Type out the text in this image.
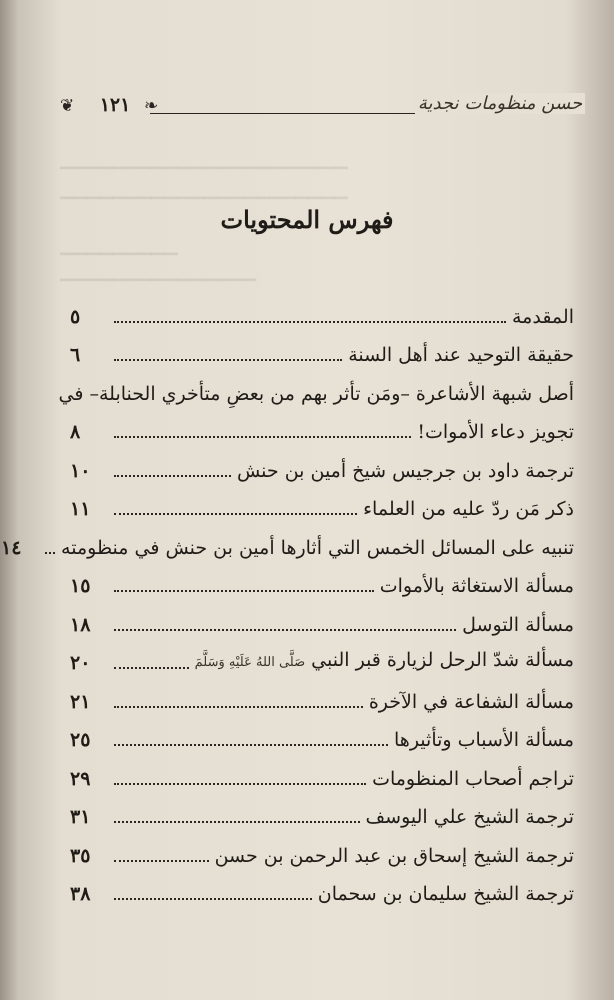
حسن منظومات نجدية
❦	١٢١ ❧
▁▁▁▁▁▁▁▁▁▁▁▁▁▁▁▁▁▁▁▁▁▁
▁▁▁▁▁▁▁▁▁▁▁▁▁▁▁▁▁▁▁▁▁▁
▁▁▁▁▁▁▁▁▁
▁▁▁▁▁▁▁▁▁▁▁▁▁▁▁
فهرس المحتويات
المقدمة
٥
حقيقة التوحيد عند أهل السنة
٦
أصل شبهة الأشاعرة –ومَن تأثر بهم من بعضِ متأخري الحنابلة– في
تجويز دعاء الأموات!
٨
ترجمة داود بن جرجيس شيخ أمين بن حنش
١٠
ذكر مَن ردّ عليه من العلماء
١١
تنبيه على المسائل الخمس التي أثارها أمين بن حنش في منظومته
١٤
مسألة الاستغاثة بالأموات
١٥
مسألة التوسل
١٨
مسألة شدّ الرحل لزيارة قبر النبي صَلَّى اللهُ عَلَيْهِ وَسَلَّمَ
٢٠
مسألة الشفاعة في الآخرة
٢١
مسألة الأسباب وتأثيرها
٢٥
تراجم أصحاب المنظومات
٢٩
ترجمة الشيخ علي اليوسف
٣١
ترجمة الشيخ إسحاق بن عبد الرحمن بن حسن
٣٥
ترجمة الشيخ سليمان بن سحمان
٣٨
